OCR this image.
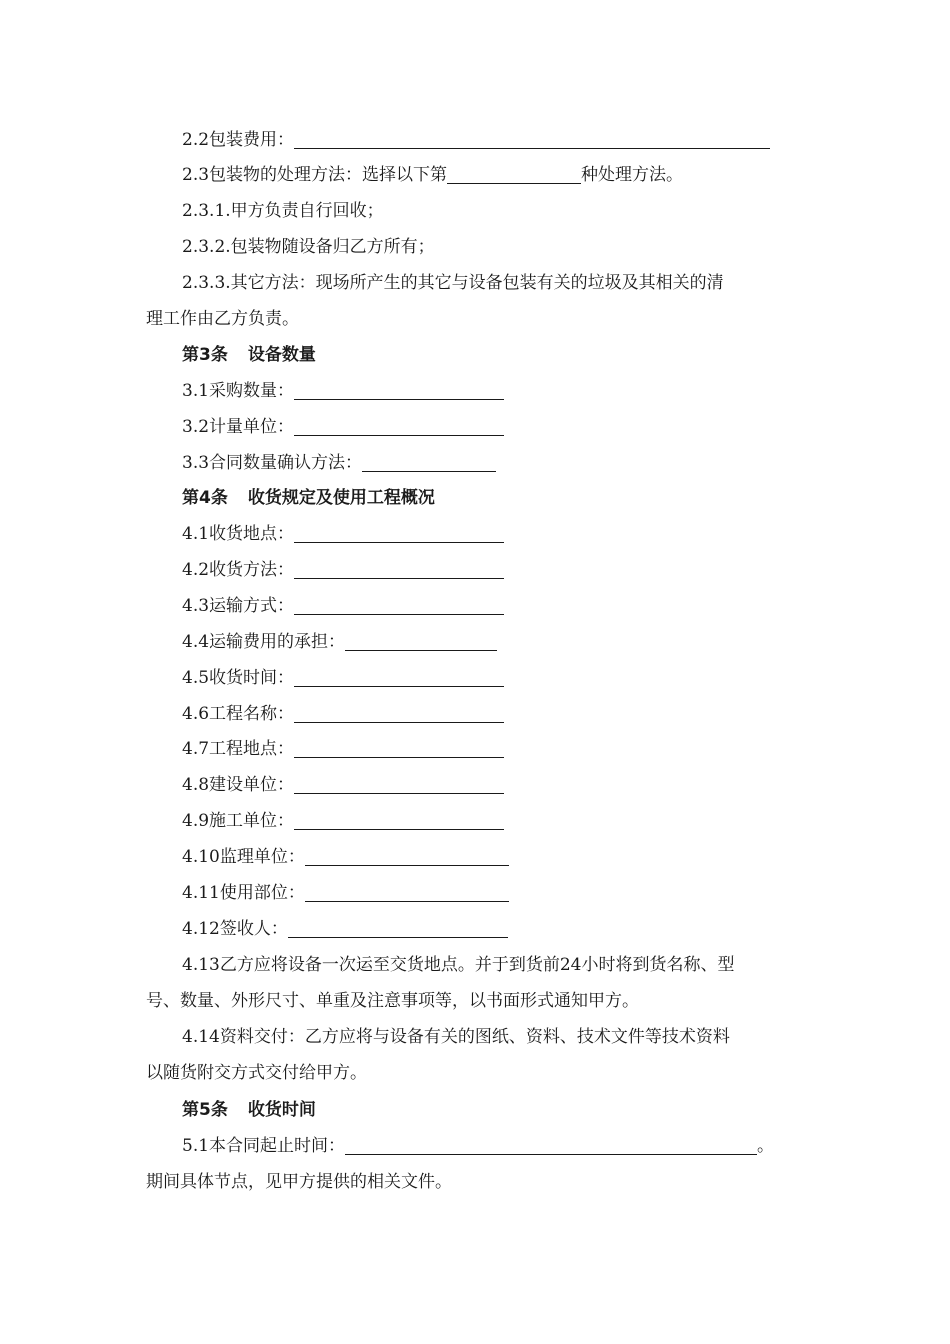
2.2包装费用：
2.3包装物的处理方法：选择以下第	种处理方法。
2.3.1.甲方负责自行回收；
2.3.2.包装物随设备归乙方所有；
2.3.3.其它方法：现场所产生的其它与设备包装有关的垃圾及其相关的清
理工作由乙方负责。
第3条 设备数量
3.1采购数量：
3.2计量单位：
3.3合同数量确认方法：
第4条 收货规定及使用工程概况
4.1收货地点：
4.2收货方法：
4.3运输方式：
4.4运输费用的承担：
4.5收货时间：
4.6工程名称：
4.7工程地点：
4.8建设单位：
4.9施工单位：
4.10监理单位：
4.11使用部位：
4.12签收人：
4.13乙方应将设备一次运至交货地点。并于到货前24小时将到货名称、型
号、数量、外形尺寸、单重及注意事项等，以书面形式通知甲方。
4.14资料交付：乙方应将与设备有关的图纸、资料、技术文件等技术资料
以随货附交方式交付给甲方。
第5条 收货时间
5.1本合同起止时间：	。
期间具体节点，见甲方提供的相关文件。
